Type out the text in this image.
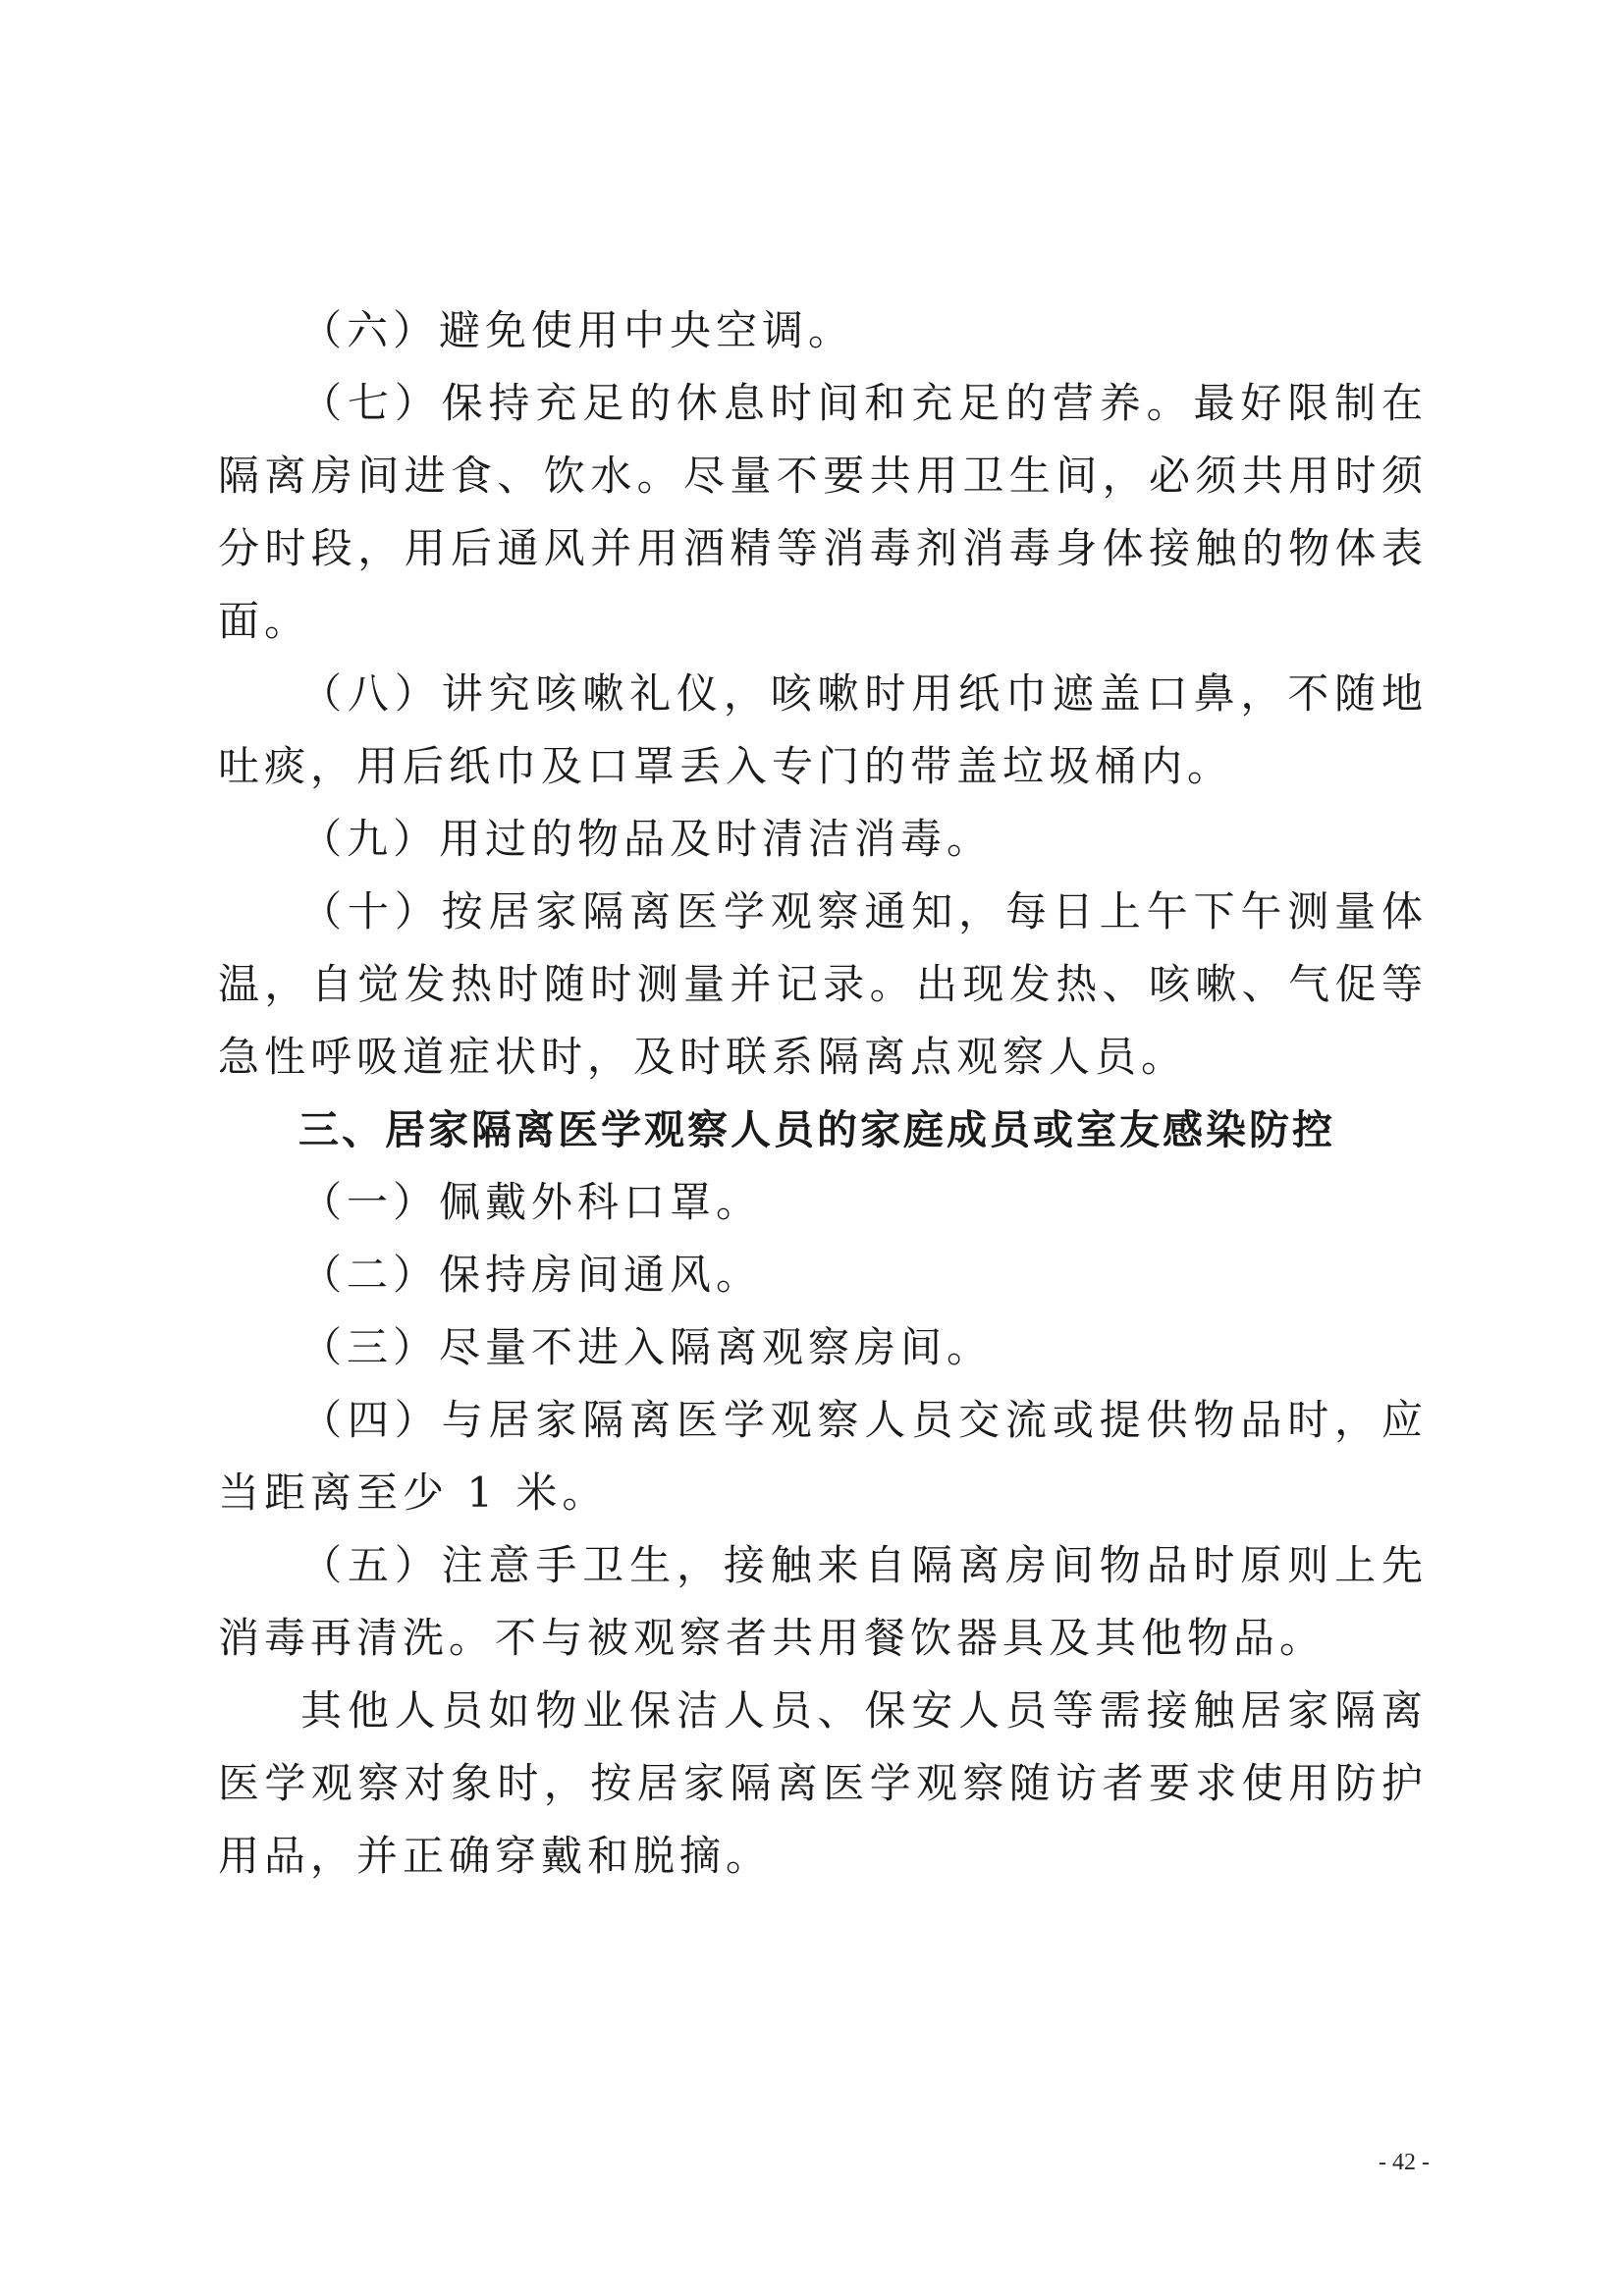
（六）避免使用中央空调。

（七）保持充足的休息时间和充足的营养。最好限制在隔离房间进食、饮水。尽量不要共用卫生间，必须共用时须分时段，用后通风并用酒精等消毒剂消毒身体接触的物体表面。

（八）讲究咳嗽礼仪，咳嗽时用纸巾遮盖口鼻，不随地吐痰，用后纸巾及口罩丢入专门的带盖垃圾桶内。

（九）用过的物品及时清洁消毒。

（十）按居家隔离医学观察通知，每日上午下午测量体温，自觉发热时随时测量并记录。出现发热、咳嗽、气促等急性呼吸道症状时，及时联系隔离点观察人员。

三、居家隔离医学观察人员的家庭成员或室友感染防控

（一）佩戴外科口罩。

（二）保持房间通风。

（三）尽量不进入隔离观察房间。

（四）与居家隔离医学观察人员交流或提供物品时，应当距离至少 1 米。

（五）注意手卫生，接触来自隔离房间物品时原则上先消毒再清洗。不与被观察者共用餐饮器具及其他物品。

其他人员如物业保洁人员、保安人员等需接触居家隔离医学观察对象时，按居家隔离医学观察随访者要求使用防护用品，并正确穿戴和脱摘。

- 42 -
